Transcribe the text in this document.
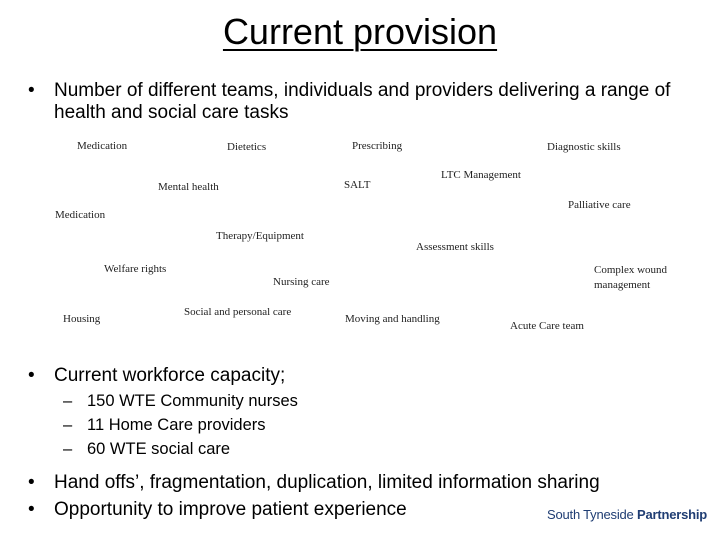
Current provision
• Number of different teams, individuals and providers delivering a range of health and social care tasks
Medication	Dietetics	Prescribing	Diagnostic skills
LTC Management
Mental health	SALT
Palliative care
Medication
Therapy/Equipment
Assessment skills
Welfare rights	Complex wound management
Nursing care
Social and personal care
Housing	Moving and handling
Acute Care team
• Current workforce capacity;
– 150 WTE Community nurses
– 11 Home Care providers
– 60 WTE social care
• Hand offs’, fragmentation, duplication, limited information sharing
• Opportunity to improve patient experience	South Tyneside Partnership
